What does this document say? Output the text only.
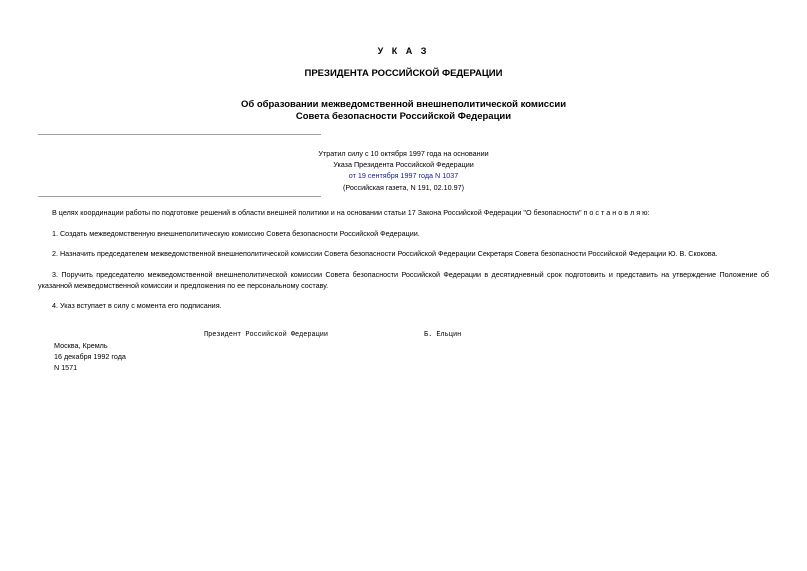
У К А З
ПРЕЗИДЕНТА РОССИЙСКОЙ ФЕДЕРАЦИИ
Об образовании межведомственной внешнеполитической комиссии
Совета безопасности Российской Федерации
Утратил силу с 10 октября 1997 года на основании
Указа Президента Российской Федерации
от 19 сентября 1997 года N 1037
(Российская газета, N 191, 02.10.97)
В целях координации работы по подготовке решений в области внешней политики и на основании статьи 17 Закона Российской Федерации "О безопасности" п о с т а н о в л я ю:
1. Создать межведомственную внешнеполитическую комиссию Совета безопасности Российской Федерации.
2. Назначить председателем межведомственной внешнеполитической комиссии Совета безопасности Российской Федерации Секретаря Совета безопасности Российской Федерации Ю. В. Скокова.
3. Поручить председателю межведомственной внешнеполитической комиссии Совета безопасности Российской Федерации в десятидневный срок подготовить и представить на утверждение Положение об указанной межведомственной комиссии и предложения по ее персональному составу.
4. Указ вступает в силу с момента его подписания.
Президент Российской Федерации	Б. Ельцин
Москва, Кремль
16 декабря 1992 года
N 1571
